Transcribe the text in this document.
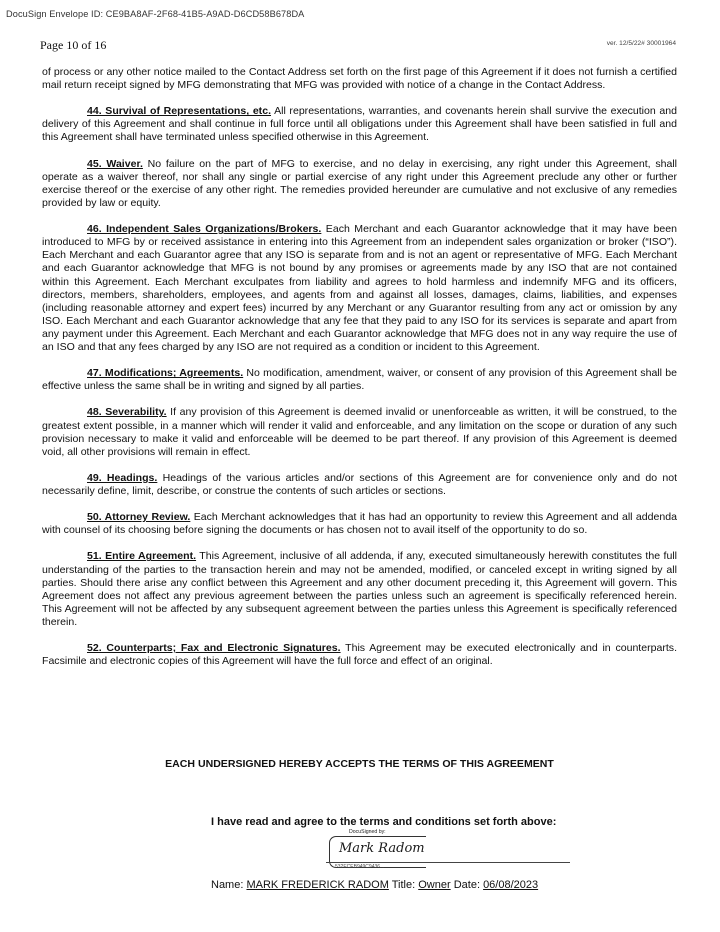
DocuSign Envelope ID: CE9BA8AF-2F68-41B5-A9AD-D6CD58B678DA
Page 10 of 16	ver. 12/5/22# 30001964

of process or any other notice mailed to the Contact Address set forth on the first page of this Agreement if it does not furnish a certified mail return receipt signed by MFG demonstrating that MFG was provided with notice of a change in the Contact Address.

44. Survival of Representations, etc. All representations, warranties, and covenants herein shall survive the execution and delivery of this Agreement and shall continue in full force until all obligations under this Agreement shall have been satisfied in full and this Agreement shall have terminated unless specified otherwise in this Agreement.

45. Waiver. No failure on the part of MFG to exercise, and no delay in exercising, any right under this Agreement, shall operate as a waiver thereof, nor shall any single or partial exercise of any right under this Agreement preclude any other or further exercise thereof or the exercise of any other right. The remedies provided hereunder are cumulative and not exclusive of any remedies provided by law or equity.

46. Independent Sales Organizations/Brokers. Each Merchant and each Guarantor acknowledge that it may have been introduced to MFG by or received assistance in entering into this Agreement from an independent sales organization or broker (“ISO”). Each Merchant and each Guarantor agree that any ISO is separate from and is not an agent or representative of MFG. Each Merchant and each Guarantor acknowledge that MFG is not bound by any promises or agreements made by any ISO that are not contained within this Agreement. Each Merchant exculpates from liability and agrees to hold harmless and indemnify MFG and its officers, directors, members, shareholders, employees, and agents from and against all losses, damages, claims, liabilities, and expenses (including reasonable attorney and expert fees) incurred by any Merchant or any Guarantor resulting from any act or omission by any ISO. Each Merchant and each Guarantor acknowledge that any fee that they paid to any ISO for its services is separate and apart from any payment under this Agreement. Each Merchant and each Guarantor acknowledge that MFG does not in any way require the use of an ISO and that any fees charged by any ISO are not required as a condition or incident to this Agreement.

47. Modifications; Agreements. No modification, amendment, waiver, or consent of any provision of this Agreement shall be effective unless the same shall be in writing and signed by all parties.

48. Severability. If any provision of this Agreement is deemed invalid or unenforceable as written, it will be construed, to the greatest extent possible, in a manner which will render it valid and enforceable, and any limitation on the scope or duration of any such provision necessary to make it valid and enforceable will be deemed to be part thereof. If any provision of this Agreement is deemed void, all other provisions will remain in effect.

49. Headings. Headings of the various articles and/or sections of this Agreement are for convenience only and do not necessarily define, limit, describe, or construe the contents of such articles or sections.

50. Attorney Review. Each Merchant acknowledges that it has had an opportunity to review this Agreement and all addenda with counsel of its choosing before signing the documents or has chosen not to avail itself of the opportunity to do so.

51. Entire Agreement. This Agreement, inclusive of all addenda, if any, executed simultaneously herewith constitutes the full understanding of the parties to the transaction herein and may not be amended, modified, or canceled except in writing signed by all parties. Should there arise any conflict between this Agreement and any other document preceding it, this Agreement will govern. This Agreement does not affect any previous agreement between the parties unless such an agreement is specifically referenced herein. This Agreement will not be affected by any subsequent agreement between the parties unless this Agreement is specifically referenced therein.

52. Counterparts; Fax and Electronic Signatures. This Agreement may be executed electronically and in counterparts. Facsimile and electronic copies of this Agreement will have the full force and effect of an original.

EACH UNDERSIGNED HEREBY ACCEPTS THE TERMS OF THIS AGREEMENT
I have read and agree to the terms and conditions set forth above:
DocuSigned by:
Mark Radom
532ECEB949C9436...
Name: MARK FREDERICK RADOM Title: Owner Date: 06/08/2023
